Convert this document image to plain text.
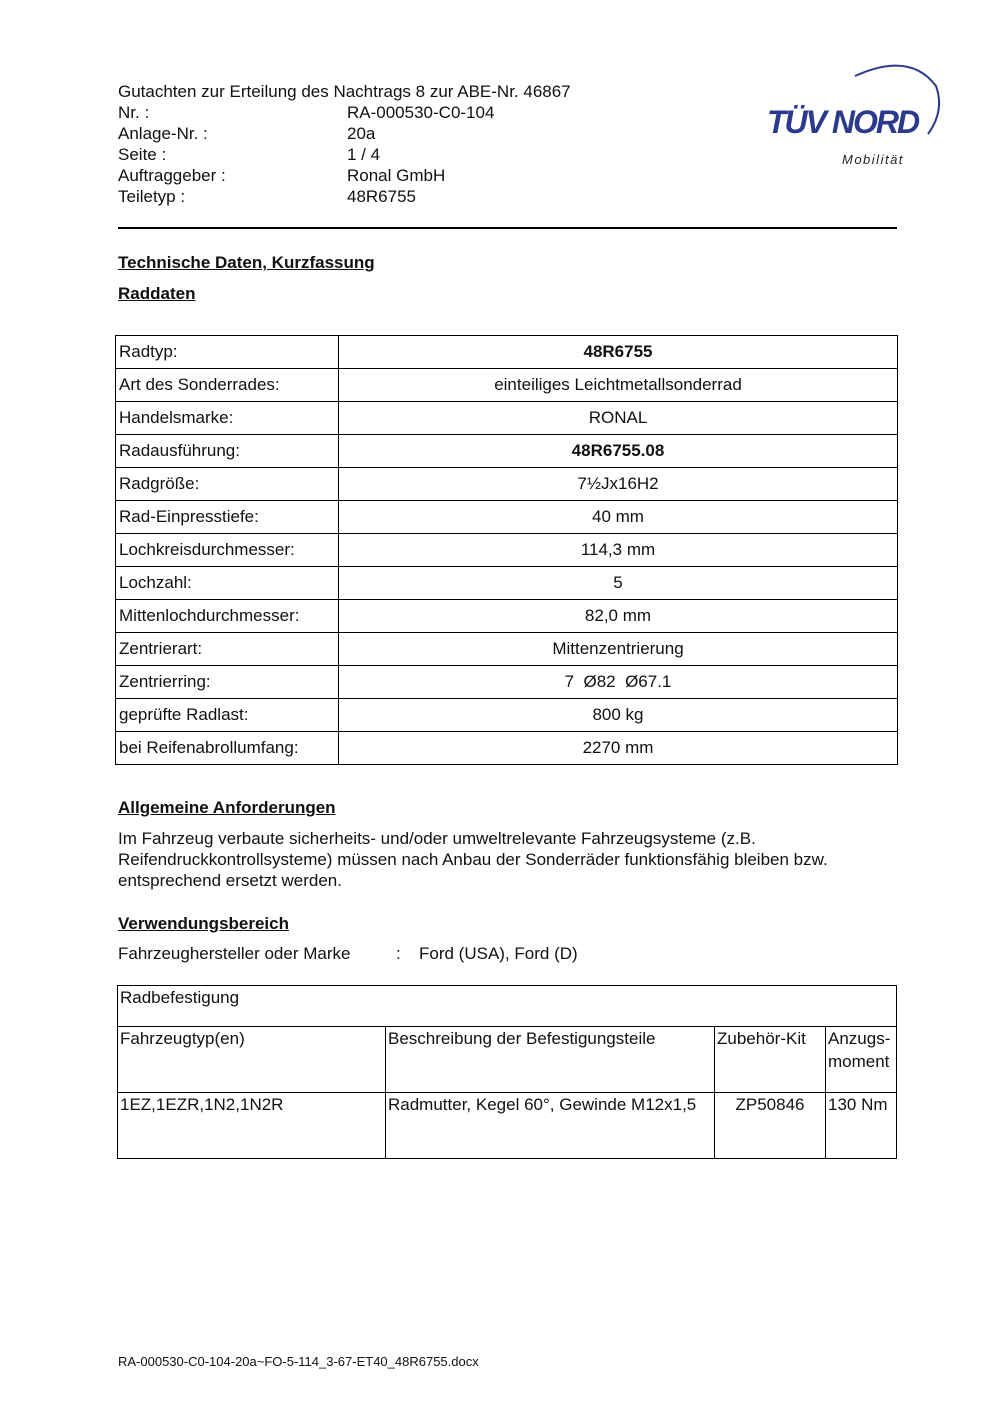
Gutachten zur Erteilung des Nachtrags 8 zur ABE-Nr. 46867
Nr. :	RA-000530-C0-104
Anlage-Nr. :	20a
Seite :	1 / 4
Auftraggeber :	Ronal GmbH
Teiletyp :	48R6755
TÜV NORD
Mobilität
Technische Daten, Kurzfassung
Raddaten
Radtyp:	48R6755
Art des Sonderrades:	einteiliges Leichtmetallsonderrad
Handelsmarke:	RONAL
Radausführung:	48R6755.08
Radgröße:	7½Jx16H2
Rad-Einpresstiefe:	40 mm
Lochkreisdurchmesser:	114,3 mm
Lochzahl:	5
Mittenlochdurchmesser:	82,0 mm
Zentrierart:	Mittenzentrierung
Zentrierring:	7  Ø82  Ø67.1
geprüfte Radlast:	800 kg
bei Reifenabrollumfang:	2270 mm
Allgemeine Anforderungen
Im Fahrzeug verbaute sicherheits- und/oder umweltrelevante Fahrzeugsysteme (z.B. Reifendruckkontrollsysteme) müssen nach Anbau der Sonderräder funktionsfähig bleiben bzw. entsprechend ersetzt werden.
Verwendungsbereich
Fahrzeughersteller oder Marke	: Ford (USA), Ford (D)
Radbefestigung			
Fahrzeugtyp(en)	Beschreibung der Befestigungsteile	Zubehör-Kit	Anzugs-
moment

1EZ,1EZR,1N2,1N2R	Radmutter, Kegel 60°, Gewinde M12x1,5	ZP50846	130 Nm
RA-000530-C0-104-20a~FO-5-114_3-67-ET40_48R6755.docx
